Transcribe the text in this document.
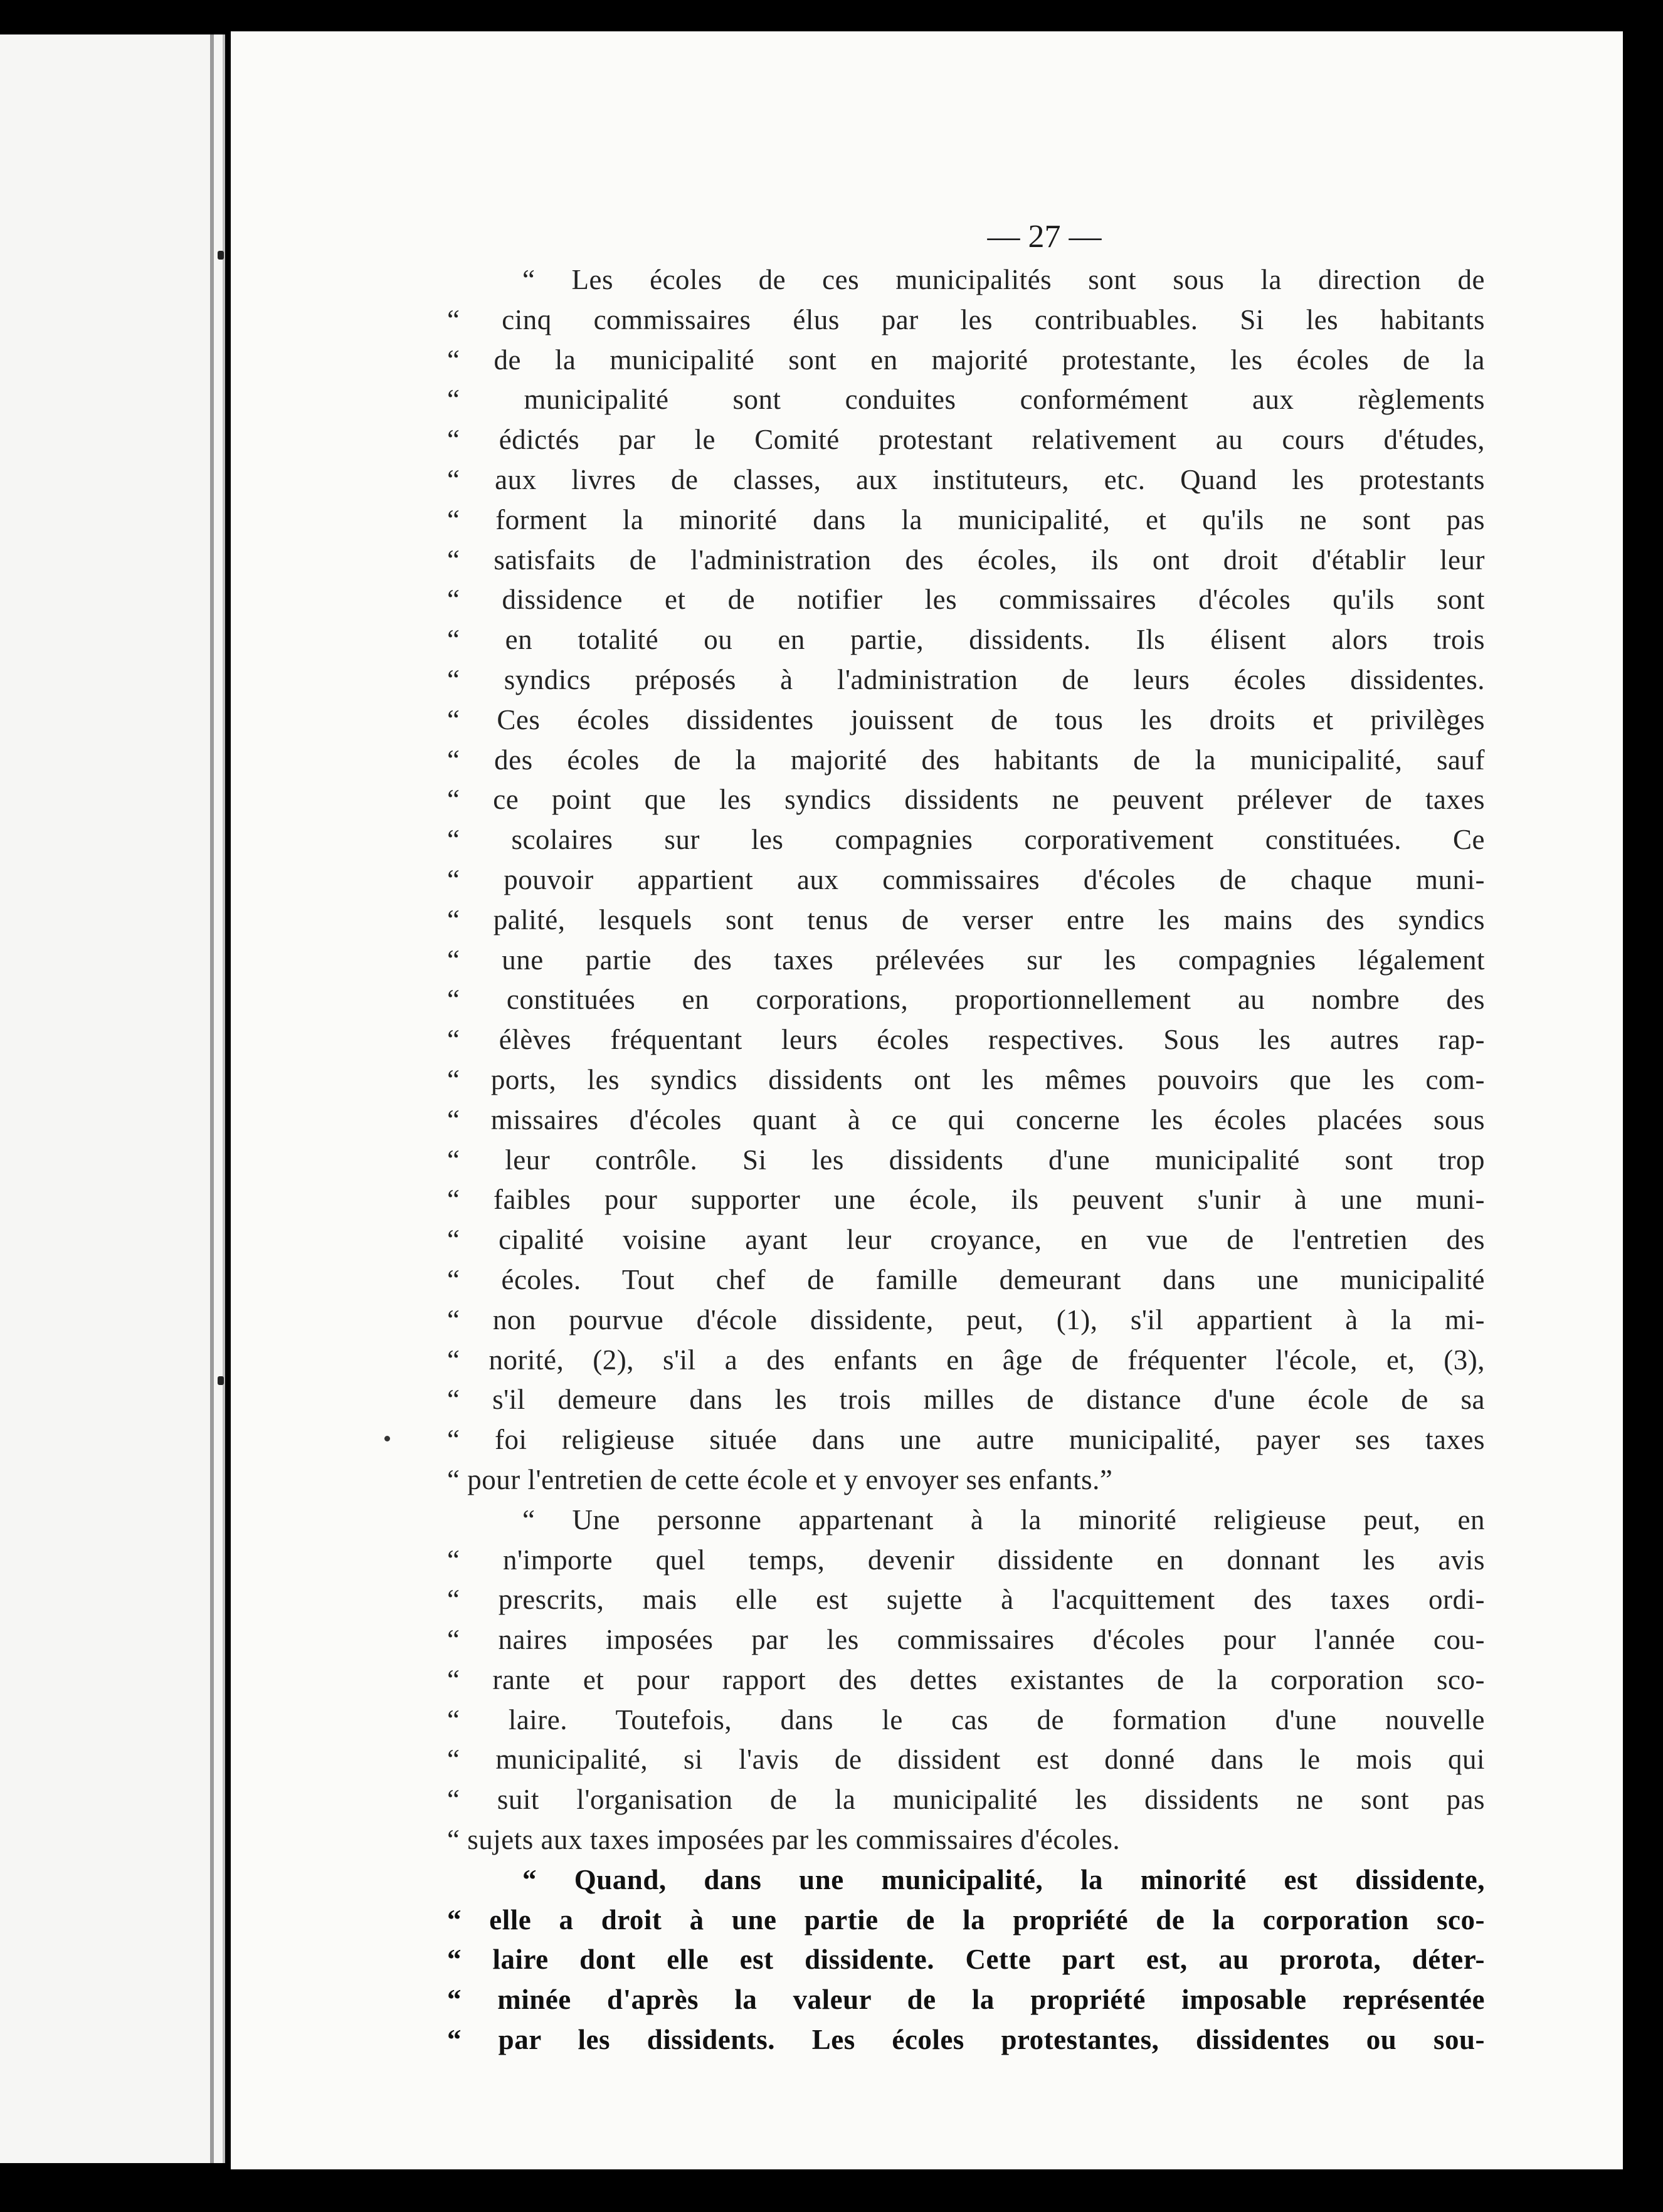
— 27 —
“ Les écoles de ces municipalités sont sous la direction de
“ cinq commissaires élus par les contribuables. Si les habitants
“ de la municipalité sont en majorité protestante, les écoles de la
“ municipalité sont conduites conformément aux règlements
“ édictés par le Comité protestant relativement au cours d'études,
“ aux livres de classes, aux instituteurs, etc. Quand les protestants
“ forment la minorité dans la municipalité, et qu'ils ne sont pas
“ satisfaits de l'administration des écoles, ils ont droit d'établir leur
“ dissidence et de notifier les commissaires d'écoles qu'ils sont
“ en totalité ou en partie, dissidents. Ils élisent alors trois
“ syndics préposés à l'administration de leurs écoles dissidentes.
“ Ces écoles dissidentes jouissent de tous les droits et privilèges
“ des écoles de la majorité des habitants de la municipalité, sauf
“ ce point que les syndics dissidents ne peuvent prélever de taxes
“ scolaires sur les compagnies corporativement constituées. Ce
“ pouvoir appartient aux commissaires d'écoles de chaque muni-
“ palité, lesquels sont tenus de verser entre les mains des syndics
“ une partie des taxes prélevées sur les compagnies légalement
“ constituées en corporations, proportionnellement au nombre des
“ élèves fréquentant leurs écoles respectives. Sous les autres rap-
“ ports, les syndics dissidents ont les mêmes pouvoirs que les com-
“ missaires d'écoles quant à ce qui concerne les écoles placées sous
“ leur contrôle. Si les dissidents d'une municipalité sont trop
“ faibles pour supporter une école, ils peuvent s'unir à une muni-
“ cipalité voisine ayant leur croyance, en vue de l'entretien des
“ écoles. Tout chef de famille demeurant dans une municipalité
“ non pourvue d'école dissidente, peut, (1), s'il appartient à la mi-
“ norité, (2), s'il a des enfants en âge de fréquenter l'école, et, (3),
“ s'il demeure dans les trois milles de distance d'une école de sa
“ foi religieuse située dans une autre municipalité, payer ses taxes
“ pour l'entretien de cette école et y envoyer ses enfants.”
“ Une personne appartenant à la minorité religieuse peut, en
“ n'importe quel temps, devenir dissidente en donnant les avis
“ prescrits, mais elle est sujette à l'acquittement des taxes ordi-
“ naires imposées par les commissaires d'écoles pour l'année cou-
“ rante et pour rapport des dettes existantes de la corporation sco-
“ laire. Toutefois, dans le cas de formation d'une nouvelle
“ municipalité, si l'avis de dissident est donné dans le mois qui
“ suit l'organisation de la municipalité les dissidents ne sont pas
“ sujets aux taxes imposées par les commissaires d'écoles.
“ Quand, dans une municipalité, la minorité est dissidente,
“ elle a droit à une partie de la propriété de la corporation sco-
“ laire dont elle est dissidente. Cette part est, au prorota, déter-
“ minée d'après la valeur de la propriété imposable représentée
“ par les dissidents. Les écoles protestantes, dissidentes ou sou-
